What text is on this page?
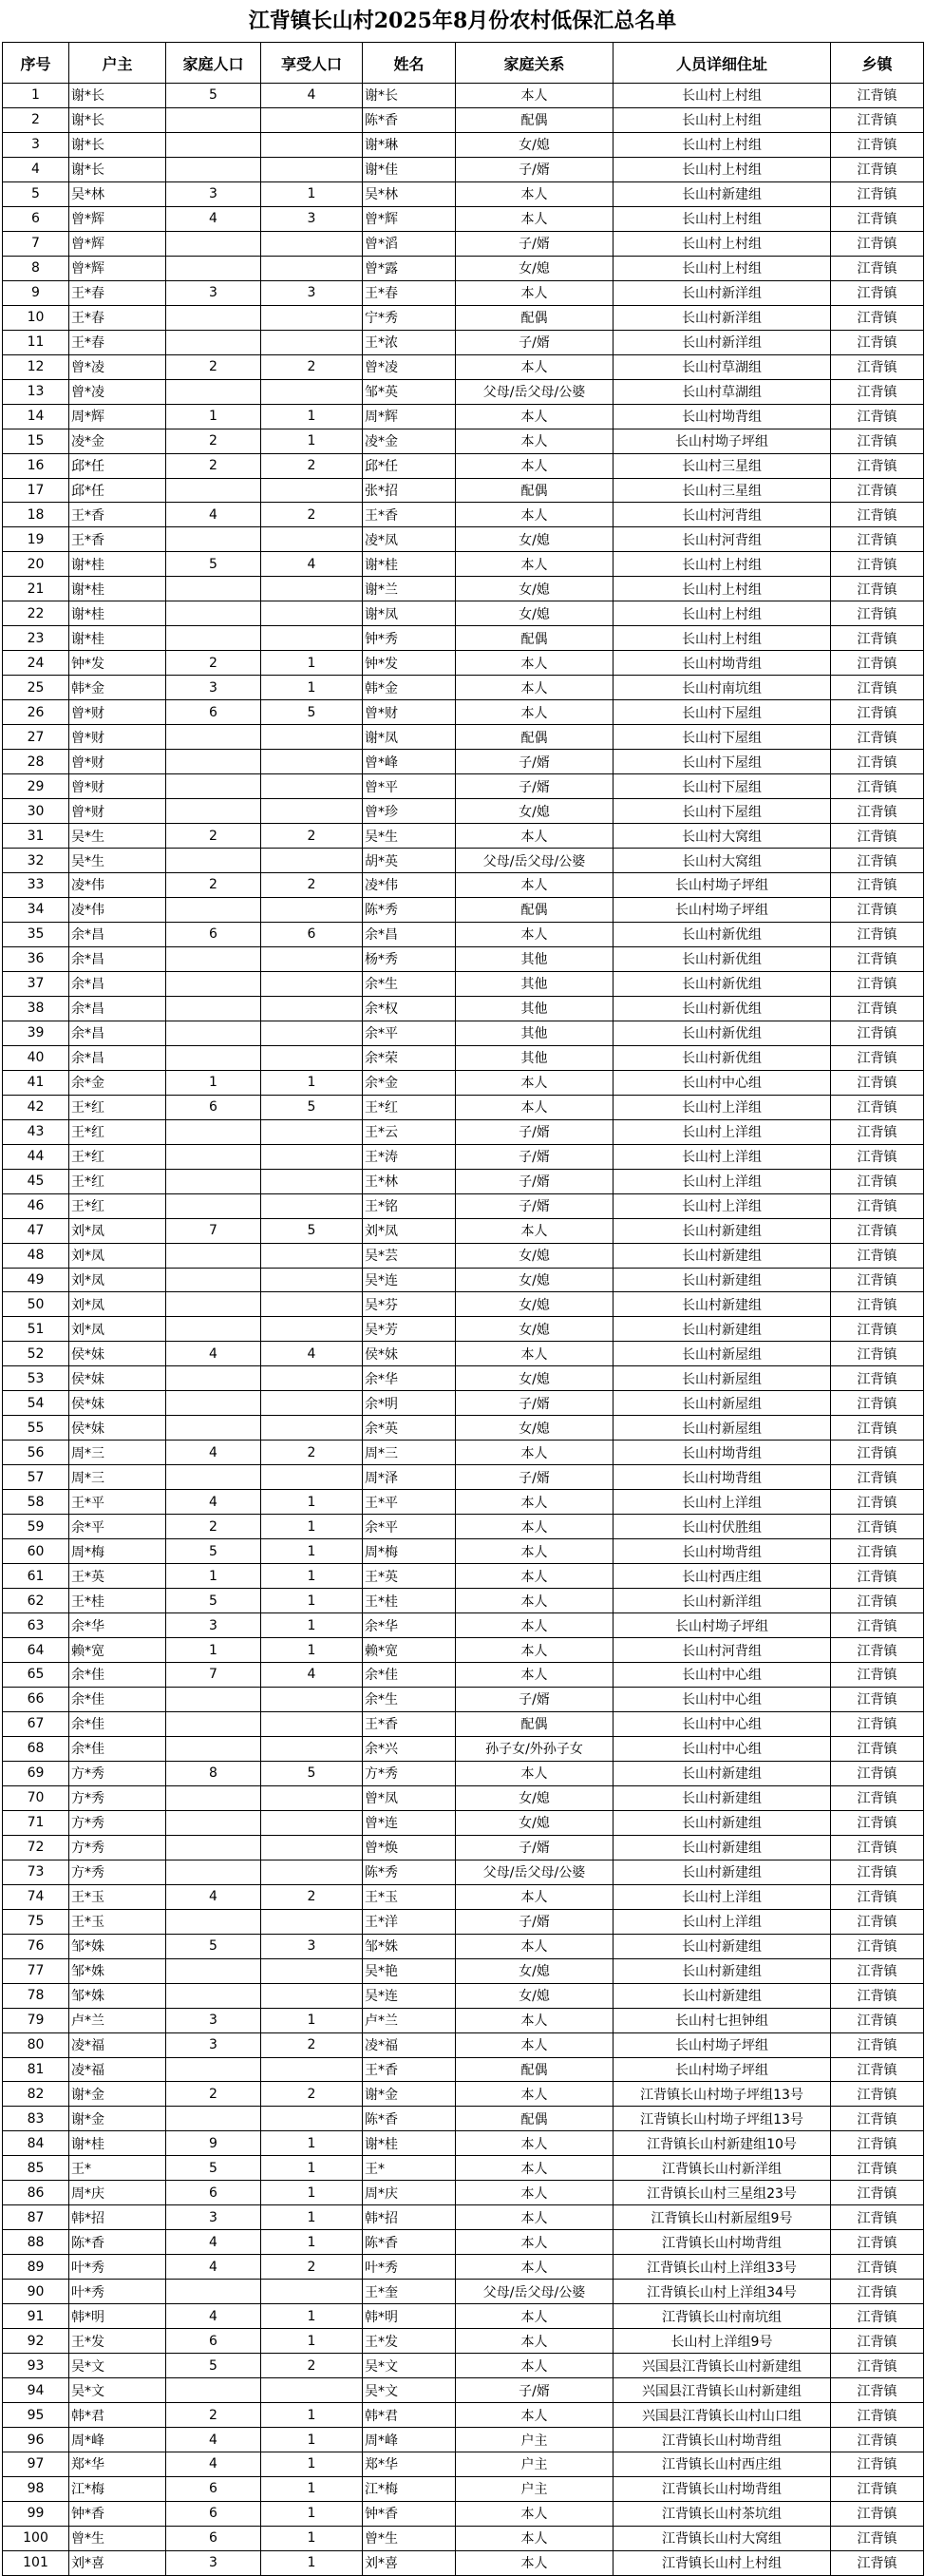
江背镇长山村2025年8月份农村低保汇总名单
序号	户主	家庭人口	享受人口	姓名	家庭关系	人员详细住址	乡镇
1	谢*长	5	4	谢*长	本人	长山村上村组	江背镇
2	谢*长			陈*香	配偶	长山村上村组	江背镇
3	谢*长			谢*琳	女/媳	长山村上村组	江背镇
4	谢*长			谢*佳	子/婿	长山村上村组	江背镇
5	吴*林	3	1	吴*林	本人	长山村新建组	江背镇
6	曾*辉	4	3	曾*辉	本人	长山村上村组	江背镇
7	曾*辉			曾*滔	子/婿	长山村上村组	江背镇
8	曾*辉			曾*露	女/媳	长山村上村组	江背镇
9	王*春	3	3	王*春	本人	长山村新洋组	江背镇
10	王*春			宁*秀	配偶	长山村新洋组	江背镇
11	王*春			王*浓	子/婿	长山村新洋组	江背镇
12	曾*凌	2	2	曾*凌	本人	长山村草湖组	江背镇
13	曾*凌			邹*英	父母/岳父母/公婆	长山村草湖组	江背镇
14	周*辉	1	1	周*辉	本人	长山村坳背组	江背镇
15	凌*金	2	1	凌*金	本人	长山村坳子坪组	江背镇
16	邱*任	2	2	邱*任	本人	长山村三星组	江背镇
17	邱*任			张*招	配偶	长山村三星组	江背镇
18	王*香	4	2	王*香	本人	长山村河背组	江背镇
19	王*香			凌*凤	女/媳	长山村河背组	江背镇
20	谢*桂	5	4	谢*桂	本人	长山村上村组	江背镇
21	谢*桂			谢*兰	女/媳	长山村上村组	江背镇
22	谢*桂			谢*凤	女/媳	长山村上村组	江背镇
23	谢*桂			钟*秀	配偶	长山村上村组	江背镇
24	钟*发	2	1	钟*发	本人	长山村坳背组	江背镇
25	韩*金	3	1	韩*金	本人	长山村南坑组	江背镇
26	曾*财	6	5	曾*财	本人	长山村下屋组	江背镇
27	曾*财			谢*凤	配偶	长山村下屋组	江背镇
28	曾*财			曾*峰	子/婿	长山村下屋组	江背镇
29	曾*财			曾*平	子/婿	长山村下屋组	江背镇
30	曾*财			曾*珍	女/媳	长山村下屋组	江背镇
31	吴*生	2	2	吴*生	本人	长山村大窝组	江背镇
32	吴*生			胡*英	父母/岳父母/公婆	长山村大窝组	江背镇
33	凌*伟	2	2	凌*伟	本人	长山村坳子坪组	江背镇
34	凌*伟			陈*秀	配偶	长山村坳子坪组	江背镇
35	余*昌	6	6	余*昌	本人	长山村新优组	江背镇
36	余*昌			杨*秀	其他	长山村新优组	江背镇
37	余*昌			余*生	其他	长山村新优组	江背镇
38	余*昌			余*权	其他	长山村新优组	江背镇
39	余*昌			余*平	其他	长山村新优组	江背镇
40	余*昌			余*荣	其他	长山村新优组	江背镇
41	余*金	1	1	余*金	本人	长山村中心组	江背镇
42	王*红	6	5	王*红	本人	长山村上洋组	江背镇
43	王*红			王*云	子/婿	长山村上洋组	江背镇
44	王*红			王*涛	子/婿	长山村上洋组	江背镇
45	王*红			王*林	子/婿	长山村上洋组	江背镇
46	王*红			王*铭	子/婿	长山村上洋组	江背镇
47	刘*凤	7	5	刘*凤	本人	长山村新建组	江背镇
48	刘*凤			吴*芸	女/媳	长山村新建组	江背镇
49	刘*凤			吴*连	女/媳	长山村新建组	江背镇
50	刘*凤			吴*芬	女/媳	长山村新建组	江背镇
51	刘*凤			吴*芳	女/媳	长山村新建组	江背镇
52	侯*妹	4	4	侯*妹	本人	长山村新屋组	江背镇
53	侯*妹			余*华	女/媳	长山村新屋组	江背镇
54	侯*妹			余*明	子/婿	长山村新屋组	江背镇
55	侯*妹			余*英	女/媳	长山村新屋组	江背镇
56	周*三	4	2	周*三	本人	长山村坳背组	江背镇
57	周*三			周*泽	子/婿	长山村坳背组	江背镇
58	王*平	4	1	王*平	本人	长山村上洋组	江背镇
59	余*平	2	1	余*平	本人	长山村伏胜组	江背镇
60	周*梅	5	1	周*梅	本人	长山村坳背组	江背镇
61	王*英	1	1	王*英	本人	长山村西庄组	江背镇
62	王*桂	5	1	王*桂	本人	长山村新洋组	江背镇
63	余*华	3	1	余*华	本人	长山村坳子坪组	江背镇
64	赖*宽	1	1	赖*宽	本人	长山村河背组	江背镇
65	余*佳	7	4	余*佳	本人	长山村中心组	江背镇
66	余*佳			余*生	子/婿	长山村中心组	江背镇
67	余*佳			王*香	配偶	长山村中心组	江背镇
68	余*佳			余*兴	孙子女/外孙子女	长山村中心组	江背镇
69	方*秀	8	5	方*秀	本人	长山村新建组	江背镇
70	方*秀			曾*凤	女/媳	长山村新建组	江背镇
71	方*秀			曾*连	女/媳	长山村新建组	江背镇
72	方*秀			曾*焕	子/婿	长山村新建组	江背镇
73	方*秀			陈*秀	父母/岳父母/公婆	长山村新建组	江背镇
74	王*玉	4	2	王*玉	本人	长山村上洋组	江背镇
75	王*玉			王*洋	子/婿	长山村上洋组	江背镇
76	邹*姝	5	3	邹*姝	本人	长山村新建组	江背镇
77	邹*姝			吴*艳	女/媳	长山村新建组	江背镇
78	邹*姝			吴*连	女/媳	长山村新建组	江背镇
79	卢*兰	3	1	卢*兰	本人	长山村七担钟组	江背镇
80	凌*福	3	2	凌*福	本人	长山村坳子坪组	江背镇
81	凌*福			王*香	配偶	长山村坳子坪组	江背镇
82	谢*金	2	2	谢*金	本人	江背镇长山村坳子坪组13号	江背镇
83	谢*金			陈*香	配偶	江背镇长山村坳子坪组13号	江背镇
84	谢*桂	9	1	谢*桂	本人	江背镇长山村新建组10号	江背镇
85	王*	5	1	王*	本人	江背镇长山村新洋组	江背镇
86	周*庆	6	1	周*庆	本人	江背镇长山村三星组23号	江背镇
87	韩*招	3	1	韩*招	本人	江背镇长山村新屋组9号	江背镇
88	陈*香	4	1	陈*香	本人	江背镇长山村坳背组	江背镇
89	叶*秀	4	2	叶*秀	本人	江背镇长山村上洋组33号	江背镇
90	叶*秀			王*奎	父母/岳父母/公婆	江背镇长山村上洋组34号	江背镇
91	韩*明	4	1	韩*明	本人	江背镇长山村南坑组	江背镇
92	王*发	6	1	王*发	本人	长山村上洋组9号	江背镇
93	吴*文	5	2	吴*文	本人	兴国县江背镇长山村新建组	江背镇
94	吴*文			吴*文	子/婿	兴国县江背镇长山村新建组	江背镇
95	韩*君	2	1	韩*君	本人	兴国县江背镇长山村山口组	江背镇
96	周*峰	4	1	周*峰	户主	江背镇长山村坳背组	江背镇
97	郑*华	4	1	郑*华	户主	江背镇长山村西庄组	江背镇
98	江*梅	6	1	江*梅	户主	江背镇长山村坳背组	江背镇
99	钟*香	6	1	钟*香	本人	江背镇长山村茶坑组	江背镇
100	曾*生	6	1	曾*生	本人	江背镇长山村大窝组	江背镇
101	刘*喜	3	1	刘*喜	本人	江背镇长山村上村组	江背镇
